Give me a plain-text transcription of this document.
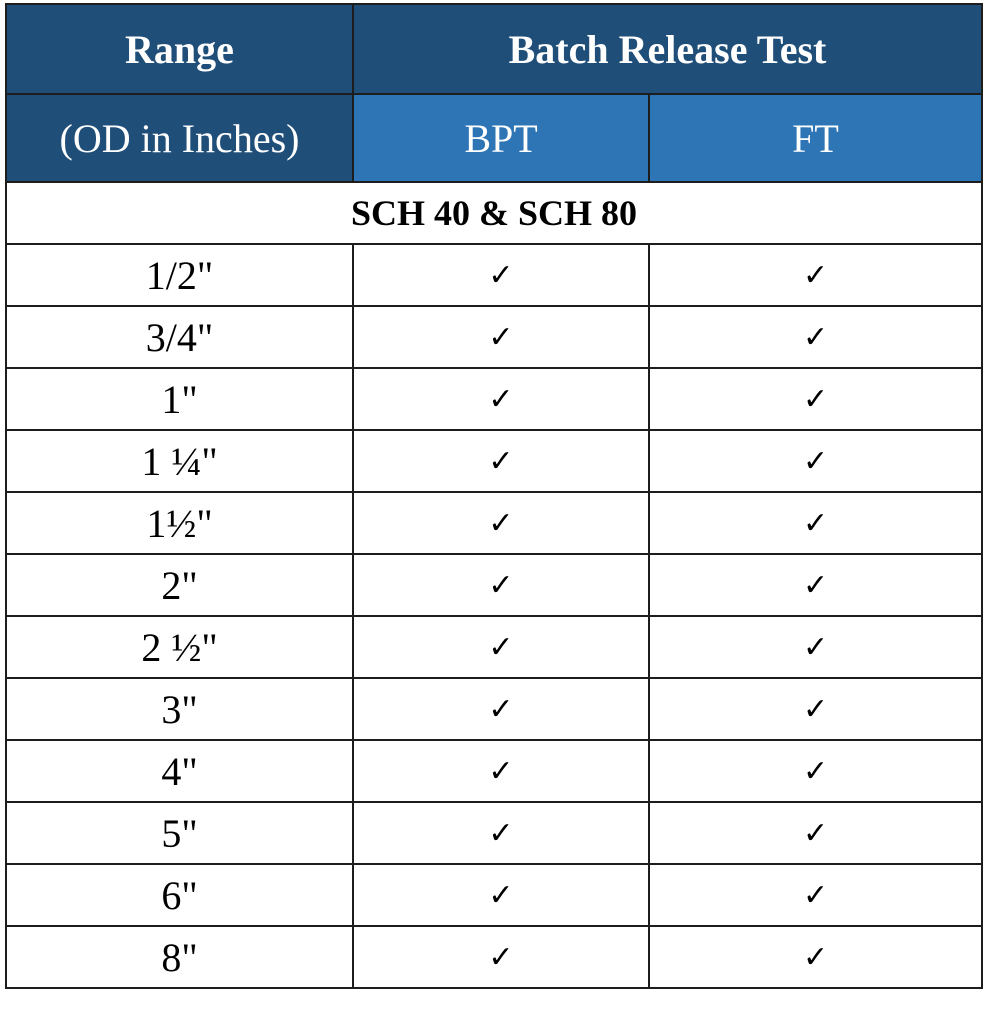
Range	Batch Release Test	
(OD in Inches)	BPT	FT
SCH 40 & SCH 80		
1/2"	✓	✓
3/4"	✓	✓
1"	✓	✓
1 ¼"	✓	✓
1½"	✓	✓
2"	✓	✓
2 ½"	✓	✓
3"	✓	✓
4"	✓	✓
5"	✓	✓
6"	✓	✓
8"	✓	✓
